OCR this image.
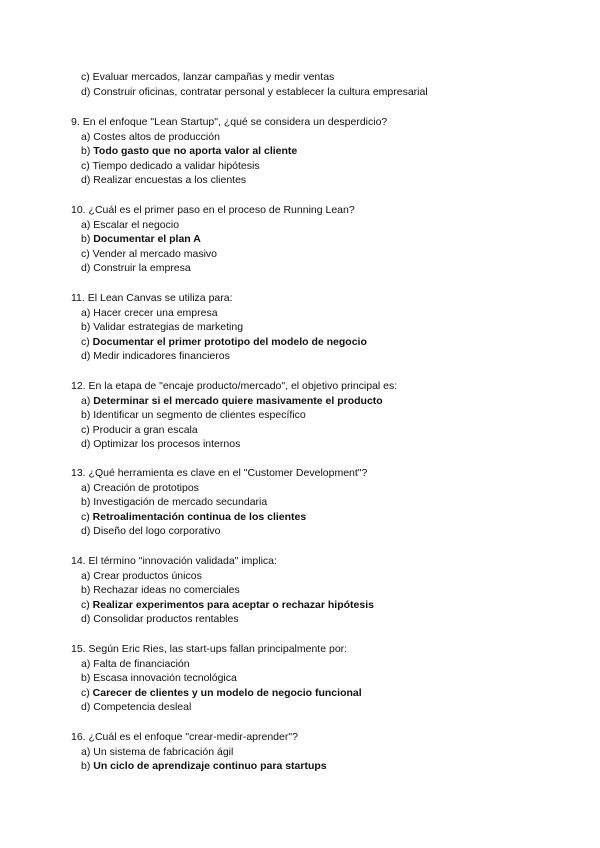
c) Evaluar mercados, lanzar campañas y medir ventas
d) Construir oficinas, contratar personal y establecer la cultura empresarial
9. En el enfoque "Lean Startup", ¿qué se considera un desperdicio?
a) Costes altos de producción
b) Todo gasto que no aporta valor al cliente
c) Tiempo dedicado a validar hipótesis
d) Realizar encuestas a los clientes
10. ¿Cuál es el primer paso en el proceso de Running Lean?
a) Escalar el negocio
b) Documentar el plan A
c) Vender al mercado masivo
d) Construir la empresa
11. El Lean Canvas se utiliza para:
a) Hacer crecer una empresa
b) Validar estrategias de marketing
c) Documentar el primer prototipo del modelo de negocio
d) Medir indicadores financieros
12. En la etapa de "encaje producto/mercado", el objetivo principal es:
a) Determinar si el mercado quiere masivamente el producto
b) Identificar un segmento de clientes específico
c) Producir a gran escala
d) Optimizar los procesos internos
13. ¿Qué herramienta es clave en el "Customer Development"?
a) Creación de prototipos
b) Investigación de mercado secundaria
c) Retroalimentación continua de los clientes
d) Diseño del logo corporativo
14. El término "innovación validada" implica:
a) Crear productos únicos
b) Rechazar ideas no comerciales
c) Realizar experimentos para aceptar o rechazar hipótesis
d) Consolidar productos rentables
15. Según Eric Ries, las start-ups fallan principalmente por:
a) Falta de financiación
b) Escasa innovación tecnológica
c) Carecer de clientes y un modelo de negocio funcional
d) Competencia desleal
16. ¿Cuál es el enfoque "crear-medir-aprender"?
a) Un sistema de fabricación ágil
b) Un ciclo de aprendizaje continuo para startups
